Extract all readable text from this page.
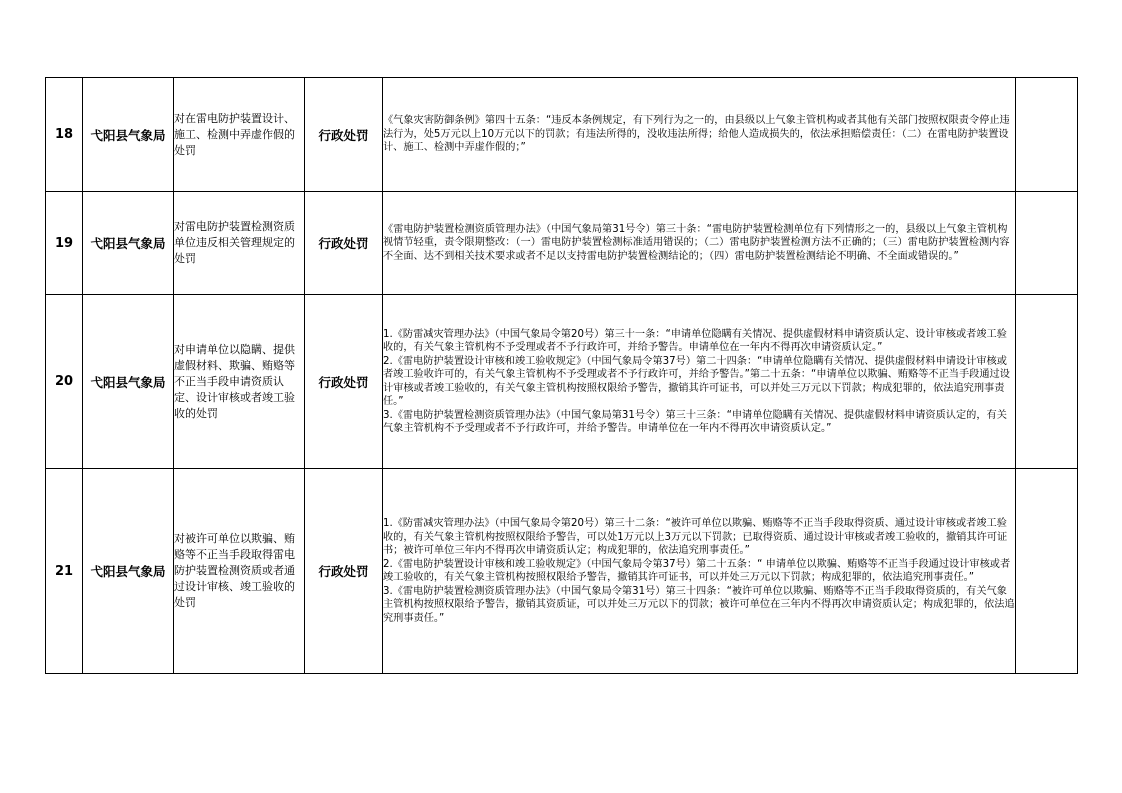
18	弋阳县气象局	对在雷电防护装置设计、施工、检测中弄虚作假的处罚	行政处罚	《气象灾害防御条例》第四十五条：“违反本条例规定，有下列行为之一的，由县级以上气象主管机构或者其他有关部门按照权限责令停止违法行为，处5万元以上10万元以下的罚款；有违法所得的，没收违法所得；给他人造成损失的，依法承担赔偿责任：（二）在雷电防护装置设计、施工、检测中弄虚作假的；”	

19	弋阳县气象局	对雷电防护装置检测资质单位违反相关管理规定的处罚	行政处罚	《雷电防护装置检测资质管理办法》（中国气象局第31号令）第三十条：“雷电防护装置检测单位有下列情形之一的，县级以上气象主管机构视情节轻重，责令限期整改：（一）雷电防护装置检测标准适用错误的；（二）雷电防护装置检测方法不正确的；（三）雷电防护装置检测内容不全面、达不到相关技术要求或者不足以支持雷电防护装置检测结论的；（四）雷电防护装置检测结论不明确、不全面或错误的。”	

20	弋阳县气象局	对申请单位以隐瞒、提供虚假材料、欺骗、贿赂等不正当手段申请资质认定、设计审核或者竣工验收的处罚	行政处罚	1.《防雷减灾管理办法》（中国气象局令第20号）第三十一条：“申请单位隐瞒有关情况、提供虚假材料申请资质认定、设计审核或者竣工验收的，有关气象主管机构不予受理或者不予行政许可，并给予警告。申请单位在一年内不得再次申请资质认定。”
2.《雷电防护装置设计审核和竣工验收规定》（中国气象局令第37号）第二十四条：“申请单位隐瞒有关情况、提供虚假材料申请设计审核或者竣工验收许可的，有关气象主管机构不予受理或者不予行政许可，并给予警告。”第二十五条：“申请单位以欺骗、贿赂等不正当手段通过设计审核或者竣工验收的，有关气象主管机构按照权限给予警告，撤销其许可证书，可以并处三万元以下罚款；构成犯罪的，依法追究刑事责任。”
3.《雷电防护装置检测资质管理办法》（中国气象局第31号令）第三十三条：“申请单位隐瞒有关情况、提供虚假材料申请资质认定的，有关气象主管机构不予受理或者不予行政许可，并给予警告。申请单位在一年内不得再次申请资质认定。”	

21	弋阳县气象局	对被许可单位以欺骗、贿赂等不正当手段取得雷电防护装置检测资质或者通过设计审核、竣工验收的处罚	行政处罚	1.《防雷减灾管理办法》（中国气象局令第20号）第三十二条：“被许可单位以欺骗、贿赂等不正当手段取得资质、通过设计审核或者竣工验收的，有关气象主管机构按照权限给予警告，可以处1万元以上3万元以下罚款；已取得资质、通过设计审核或者竣工验收的，撤销其许可证书；被许可单位三年内不得再次申请资质认定；构成犯罪的，依法追究刑事责任。”
2.《雷电防护装置设计审核和竣工验收规定》（中国气象局令第37号）第二十五条：“ 申请单位以欺骗、贿赂等不正当手段通过设计审核或者竣工验收的，有关气象主管机构按照权限给予警告，撤销其许可证书，可以并处三万元以下罚款；构成犯罪的，依法追究刑事责任。”
3.《雷电防护装置检测资质管理办法》（中国气象局令第31号）第三十四条：“被许可单位以欺骗、贿赂等不正当手段取得资质的，有关气象主管机构按照权限给予警告，撤销其资质证，可以并处三万元以下的罚款；被许可单位在三年内不得再次申请资质认定；构成犯罪的，依法追究刑事责任。”	
